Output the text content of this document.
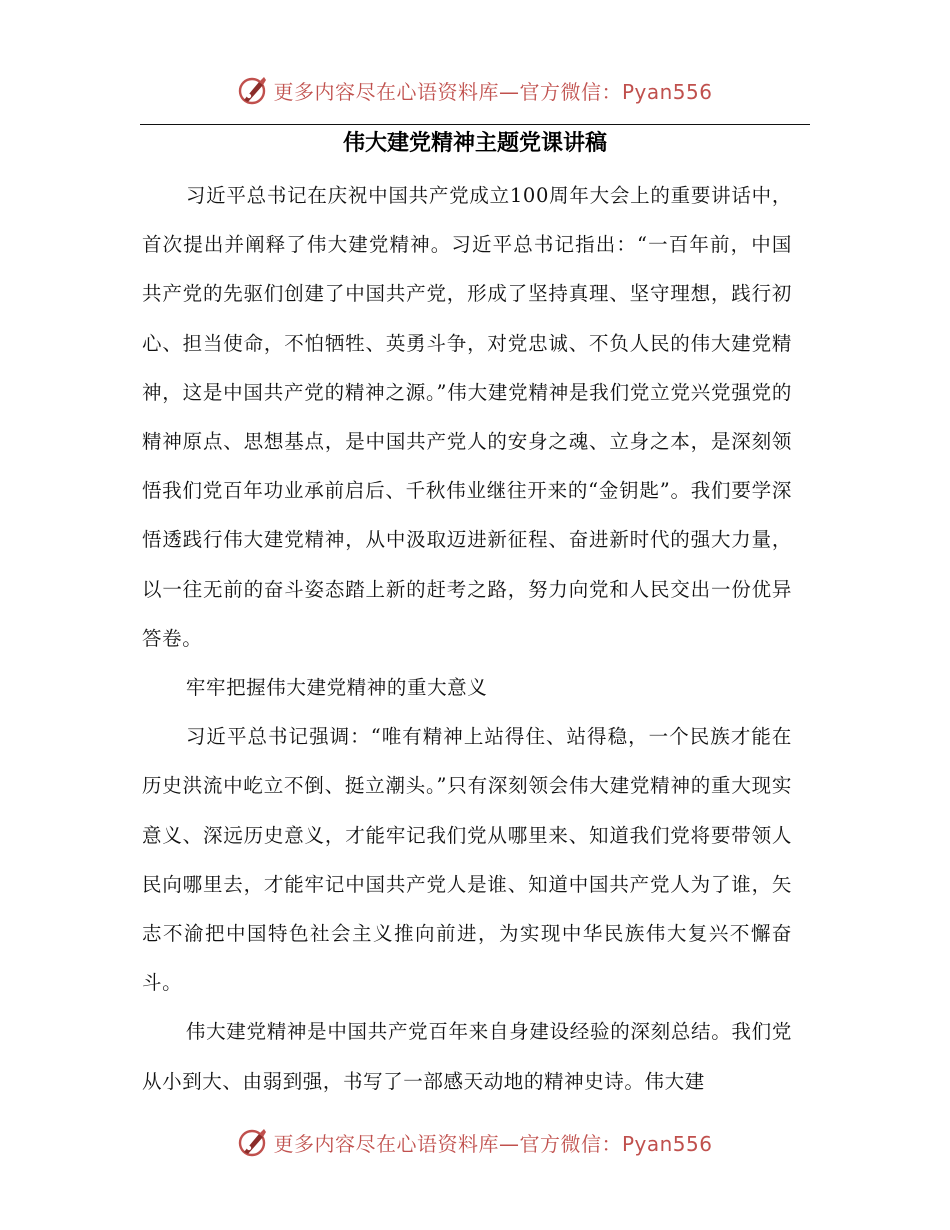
更多内容尽在心语资料库—官方微信：Pyan556
伟大建党精神主题党课讲稿

习近平总书记在庆祝中国共产党成立100周年大会上的重要讲话中，首次提出并阐释了伟大建党精神。习近平总书记指出：“一百年前，中国共产党的先驱们创建了中国共产党，形成了坚持真理、坚守理想，践行初心、担当使命，不怕牺牲、英勇斗争，对党忠诚、不负人民的伟大建党精神，这是中国共产党的精神之源。”伟大建党精神是我们党立党兴党强党的精神原点、思想基点，是中国共产党人的安身之魂、立身之本，是深刻领悟我们党百年功业承前启后、千秋伟业继往开来的“金钥匙”。我们要学深悟透践行伟大建党精神，从中汲取迈进新征程、奋进新时代的强大力量，以一往无前的奋斗姿态踏上新的赶考之路，努力向党和人民交出一份优异答卷。

牢牢把握伟大建党精神的重大意义

习近平总书记强调：“唯有精神上站得住、站得稳，一个民族才能在历史洪流中屹立不倒、挺立潮头。”只有深刻领会伟大建党精神的重大现实意义、深远历史意义，才能牢记我们党从哪里来、知道我们党将要带领人民向哪里去，才能牢记中国共产党人是谁、知道中国共产党人为了谁，矢志不渝把中国特色社会主义推向前进，为实现中华民族伟大复兴不懈奋斗。

伟大建党精神是中国共产党百年来自身建设经验的深刻总结。我们党从小到大、由弱到强，书写了一部感天动地的精神史诗。伟大建

更多内容尽在心语资料库—官方微信：Pyan556
